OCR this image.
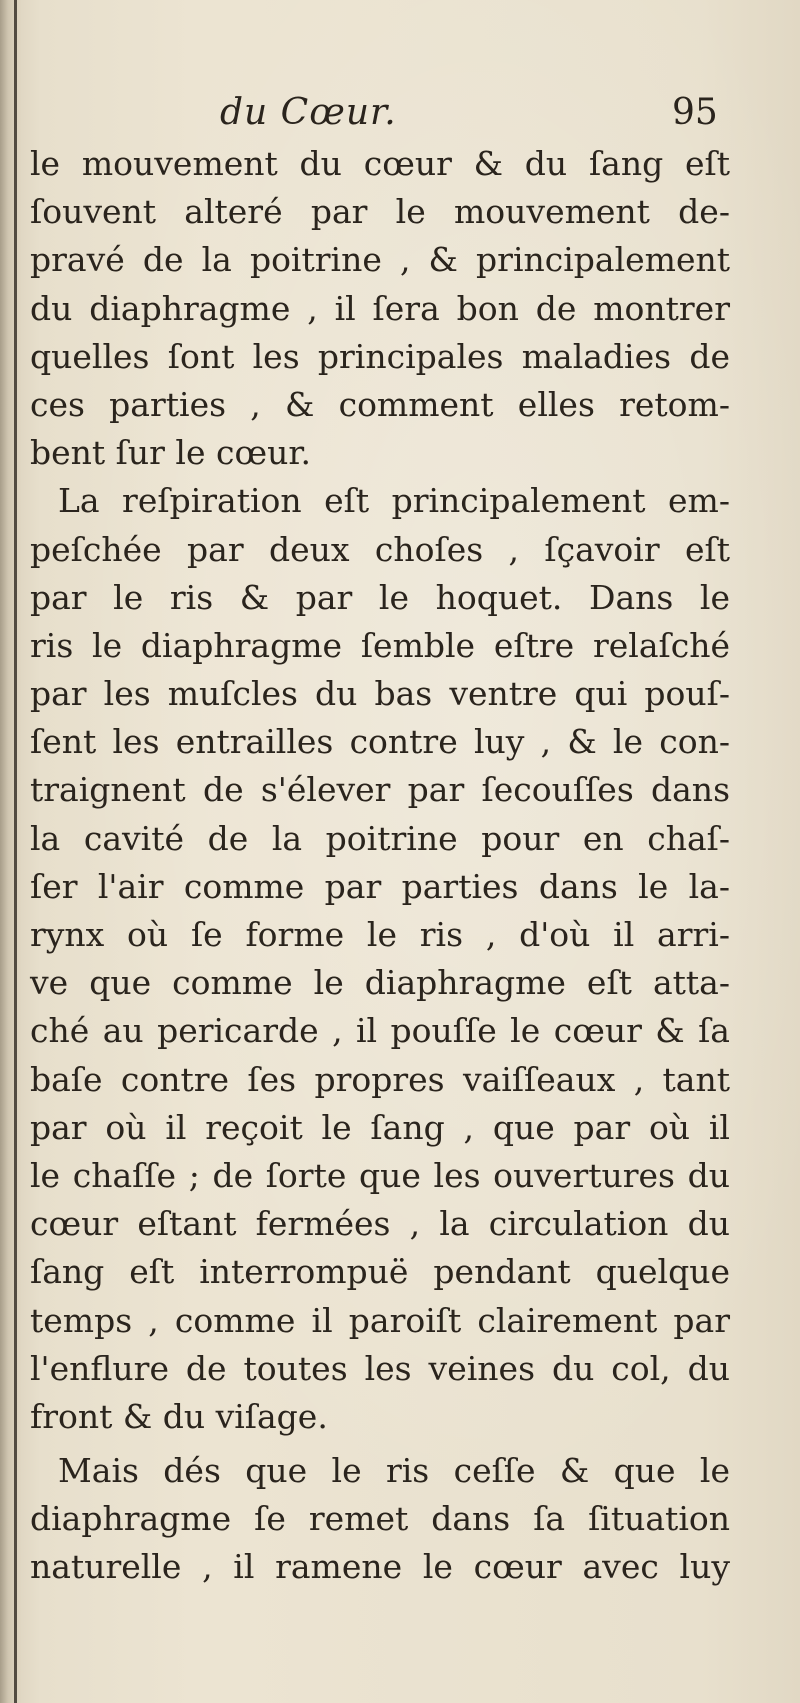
du Cœur.	95
le mouvement du cœur & du ſang eſt
ſouvent alteré par le mouvement de-
pravé de la poitrine , & principalement
du diaphragme , il ſera bon de montrer
quelles ſont les principales maladies de
ces parties , & comment elles retom-
bent ſur le cœur.
La reſpiration eſt principalement em-
peſchée par deux choſes , ſçavoir eſt
par le ris & par le hoquet. Dans le
ris le diaphragme ſemble eſtre relaſché
par les muſcles du bas ventre qui pouſ-
ſent les entrailles contre luy , & le con-
traignent de s'élever par ſecouſſes dans
la cavité de la poitrine pour en chaſ-
ſer l'air comme par parties dans le la-
rynx où ſe forme le ris , d'où il arri-
ve que comme le diaphragme eſt atta-
ché au pericarde , il pouſſe le cœur & ſa
baſe contre ſes propres vaiſſeaux , tant
par où il reçoit le ſang , que par où il
le chaſſe ; de ſorte que les ouvertures du
cœur eſtant fermées , la circulation du
ſang eſt interrompuë pendant quelque
temps , comme il paroiſt clairement par
l'enflure de toutes les veines du col, du
front & du viſage.
Mais dés que le ris ceſſe & que le
diaphragme ſe remet dans ſa ſituation
naturelle , il ramene le cœur avec luy
